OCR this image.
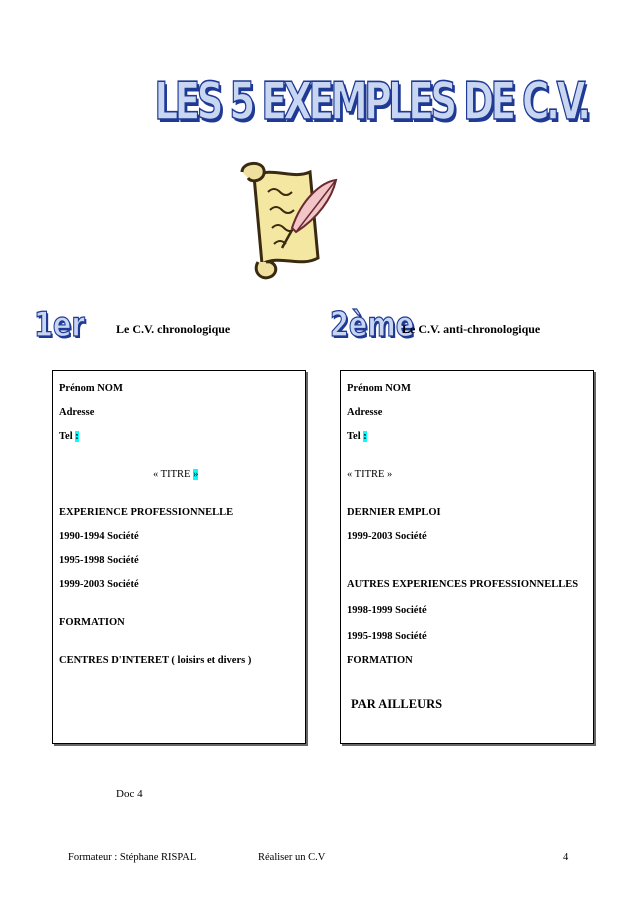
LES 5 EXEMPLES DE C.V.
1er	Le C.V. chronologique
Prénom NOM
Adresse
Tel :
« TITRE »
EXPERIENCE PROFESSIONNELLE
1990-1994 Société
1995-1998 Société
1999-2003 Société
FORMATION
CENTRES D'INTERET ( loisirs et divers )
2ème
Le C.V. anti-chronologique
Prénom NOM
Adresse
Tel :
« TITRE »
DERNIER EMPLOI
1999-2003 Société
AUTRES EXPERIENCES PROFESSIONNELLES
1998-1999 Société
1995-1998 Société
FORMATION
PAR AILLEURS
Doc 4
Formateur : Stéphane RISPAL	Réaliser un C.V	4
